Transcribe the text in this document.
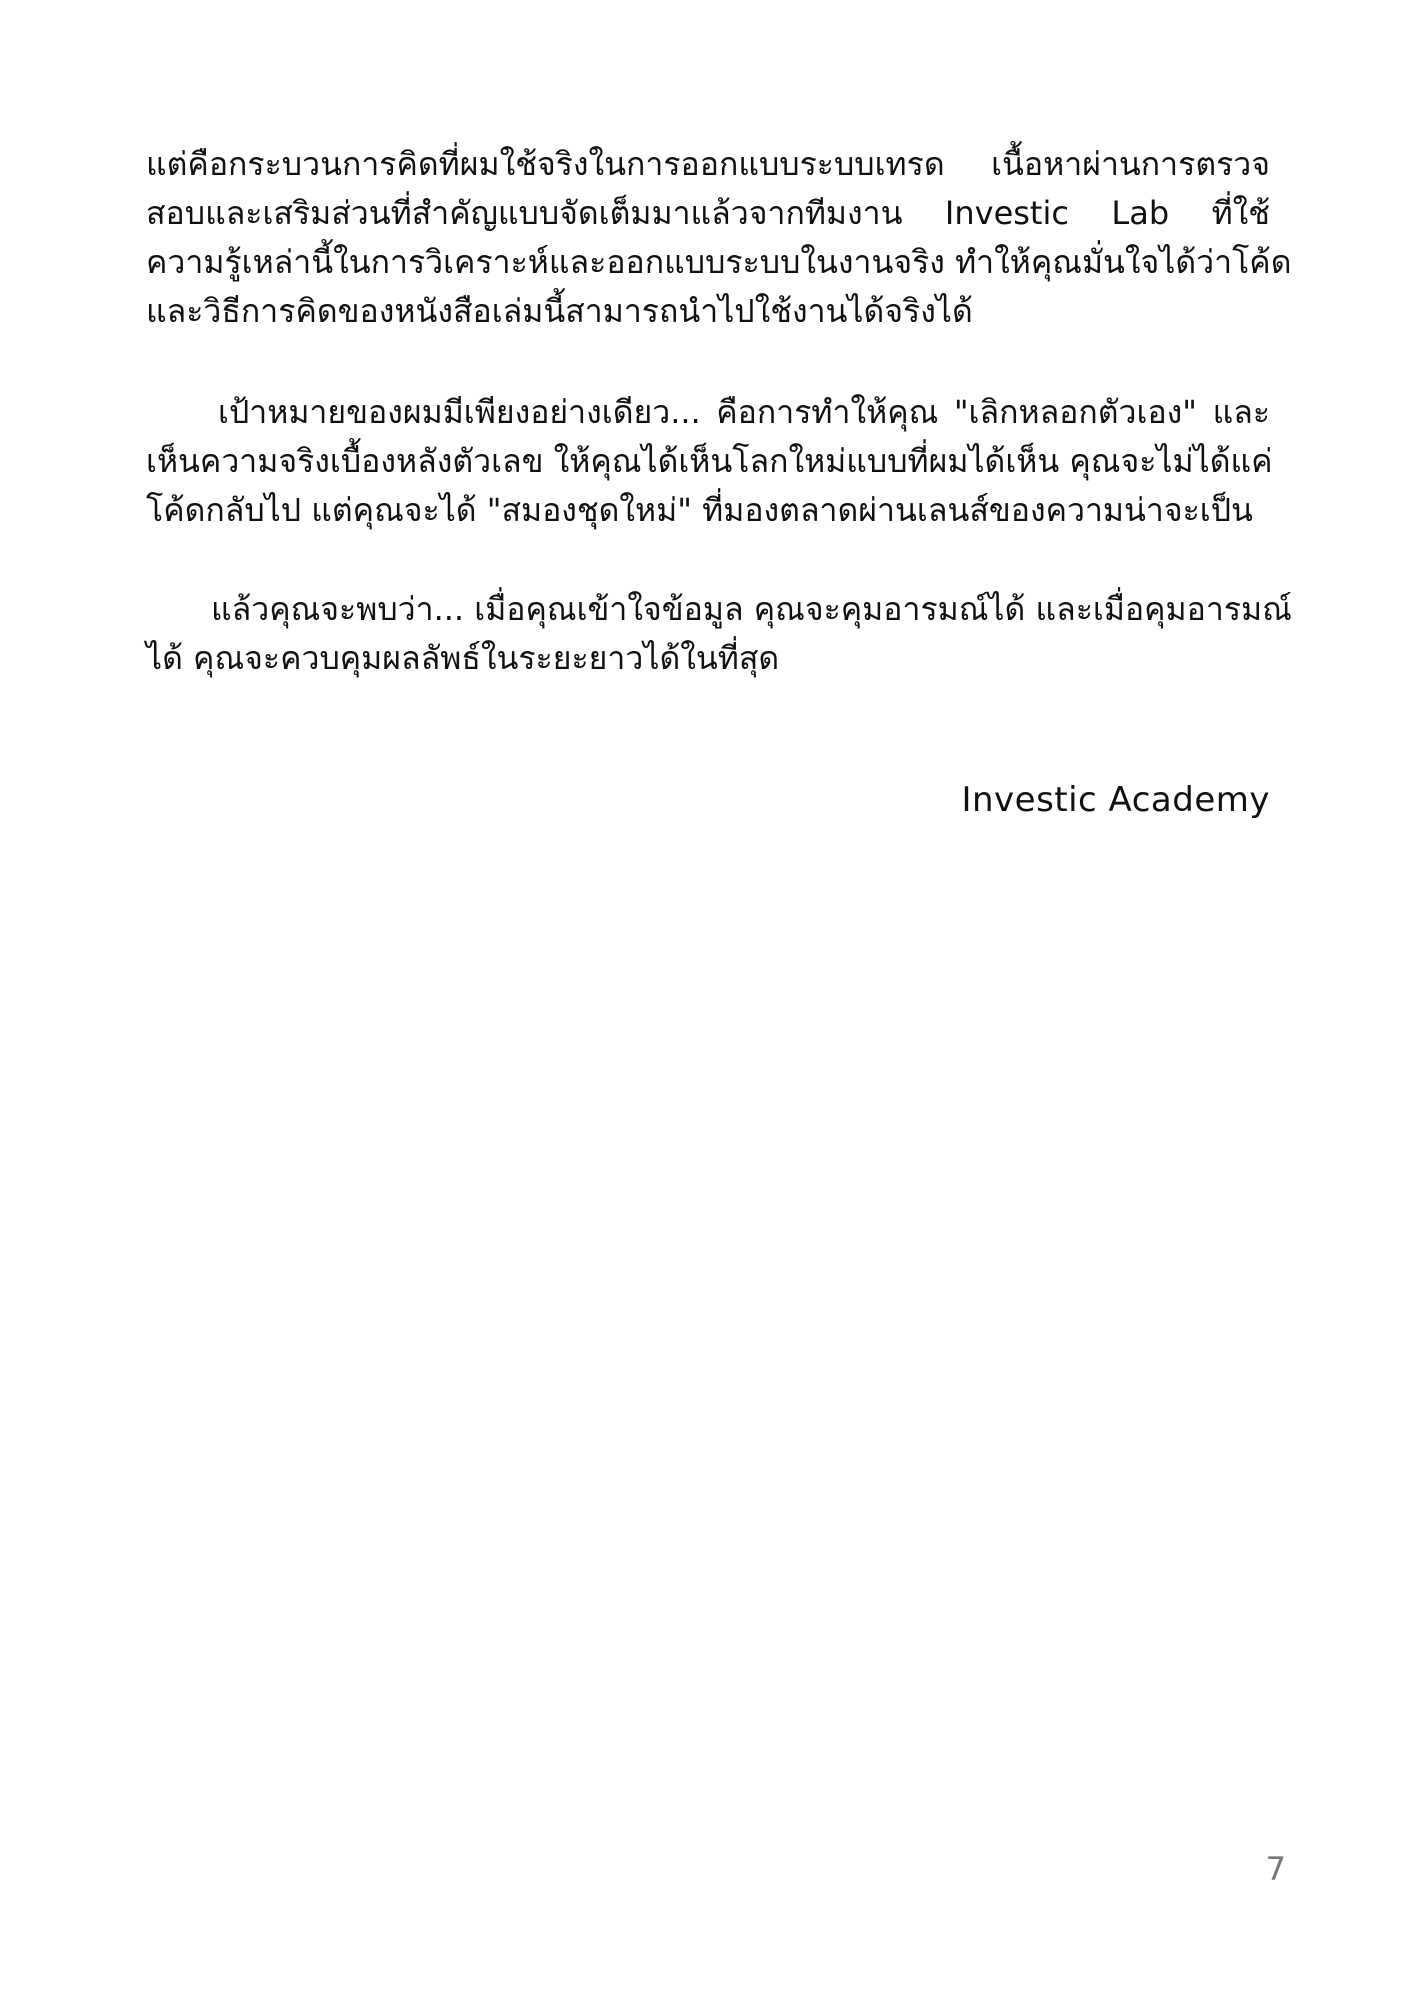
แต่คือกระบวนการคิดที่ผมใช้จริงในการออกแบบระบบเทรด เนื้อหาผ่านการตรวจ
สอบและเสริมส่วนที่สำคัญแบบจัดเต็มมาแล้วจากทีมงาน Investic Lab ที่ใช้
ความรู้เหล่านี้ในการวิเคราะห์และออกแบบระบบในงานจริง ทำให้คุณมั่นใจได้ว่าโค้ด
และวิธีการคิดของหนังสือเล่มนี้สามารถนำไปใช้งานได้จริงได้
เป้าหมายของผมมีเพียงอย่างเดียว... คือการทำให้คุณ "เลิกหลอกตัวเอง" และ
เห็นความจริงเบื้องหลังตัวเลข ให้คุณได้เห็นโลกใหม่แบบที่ผมได้เห็น คุณจะไม่ได้แค่
โค้ดกลับไป แต่คุณจะได้ "สมองชุดใหม่" ที่มองตลาดผ่านเลนส์ของความน่าจะเป็น
แล้วคุณจะพบว่า... เมื่อคุณเข้าใจข้อมูล คุณจะคุมอารมณ์ได้ และเมื่อคุมอารมณ์
ได้ คุณจะควบคุมผลลัพธ์ในระยะยาวได้ในที่สุด
Investic Academy
7
